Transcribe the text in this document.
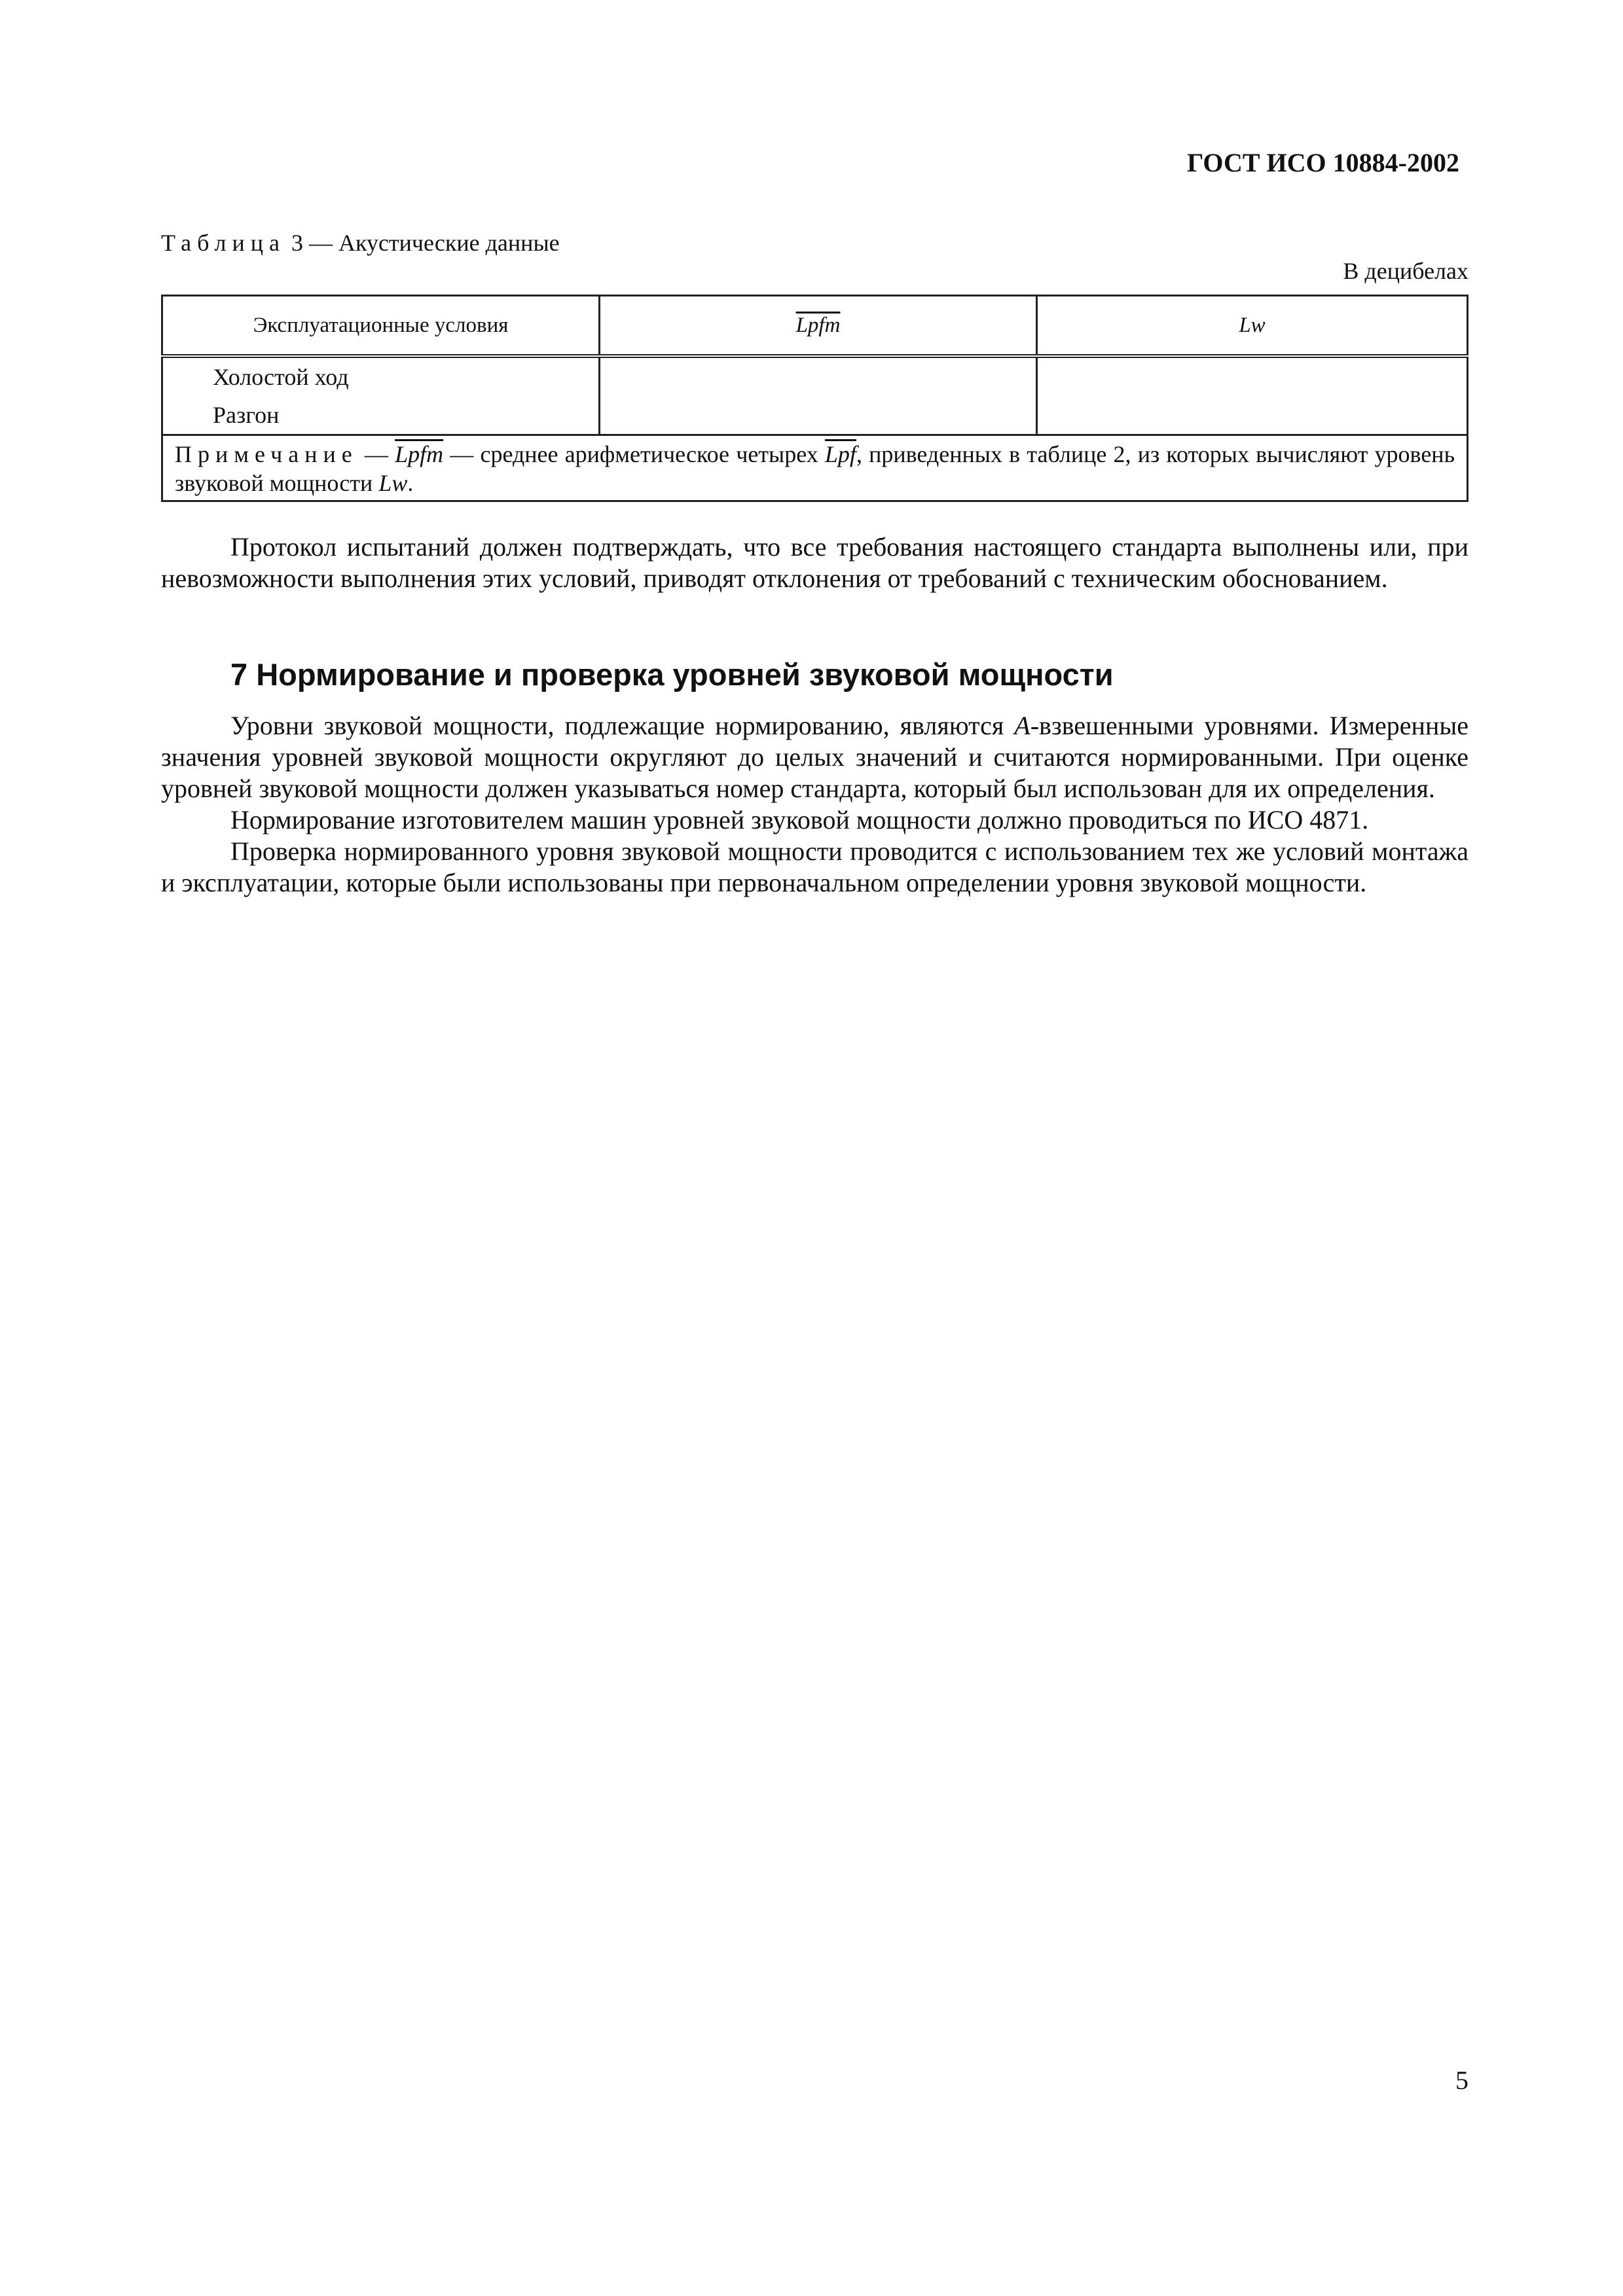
ГОСТ ИСО 10884-2002
Таблица 3 — Акустические данные
В децибелах
Эксплуатационные условия	Lpfm	Lw

Холостой ход
Разгон		

Примечание — Lpfm — среднее арифметическое четырех $\overline{Lpf}$, приведенных в таблице 2, из которых вычисляют уровень звуковой мощности Lw.		

Протокол испытаний должен подтверждать, что все требования настоящего стандарта выполнены или, при невозможности выполнения этих условий, приводят отклонения от требований с техническим обоснованием.

7 Нормирование и проверка уровней звуковой мощности

Уровни звуковой мощности, подлежащие нормированию, являются А-взвешенными уровнями. Измеренные значения уровней звуковой мощности округляют до целых значений и считаются нормированными. При оценке уровней звуковой мощности должен указываться номер стандарта, который был использован для их определения.

Нормирование изготовителем машин уровней звуковой мощности должно проводиться по ИСО 4871.

Проверка нормированного уровня звуковой мощности проводится с использованием тех же условий монтажа и эксплуатации, которые были использованы при первоначальном определении уровня звуковой мощности.

5
